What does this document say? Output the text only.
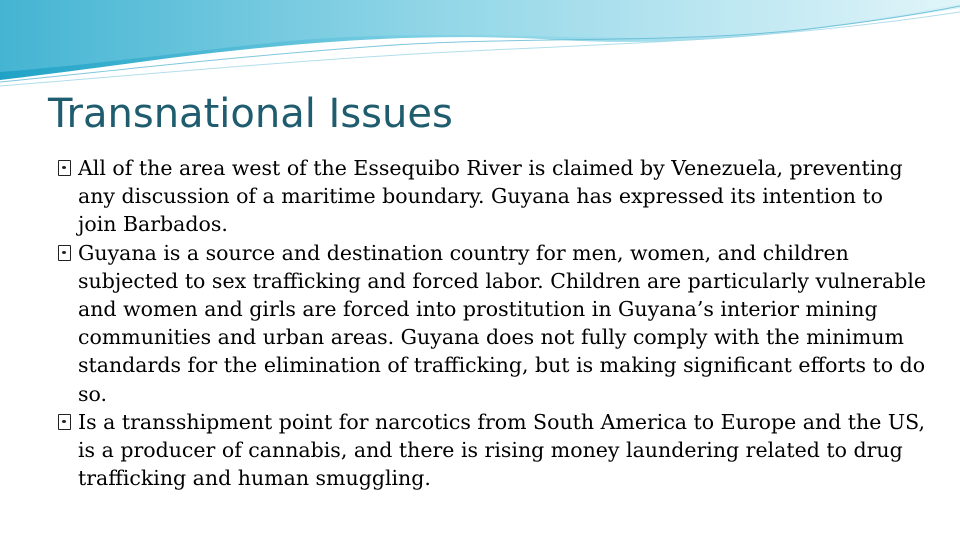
Transnational Issues
All of the area west of the Essequibo River is claimed by Venezuela, preventing any discussion of a maritime boundary. Guyana has expressed its intention to join Barbados.
Guyana is a source and destination country for men, women, and children subjected to sex trafficking and forced labor. Children are particularly vulnerable and women and girls are forced into prostitution in Guyana’s interior mining communities and urban areas. Guyana does not fully comply with the minimum standards for the elimination of trafficking, but is making significant efforts to do so.
Is a transshipment point for narcotics from South America to Europe and the US, is a producer of cannabis, and there is rising money laundering related to drug trafficking and human smuggling.
